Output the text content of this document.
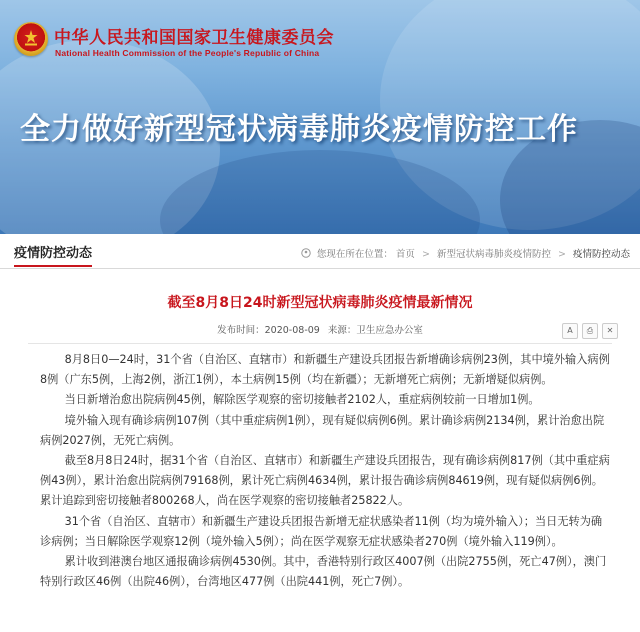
中华人民共和国国家卫生健康委员会
National Health Commission of the People's Republic of China
全力做好新型冠状病毒肺炎疫情防控工作
疫情防控动态	您现在所在位置： 首页 > 新型冠状病毒肺炎疫情防控 > 疫情防控动态
截至8月8日24时新型冠状病毒肺炎疫情最新情况
发布时间：2020-08-09 来源：卫生应急办公室	A ⎙ ✕

8月8日0—24时，31个省（自治区、直辖市）和新疆生产建设兵团报告新增确诊病例23例，其中境外输入病例8例（广东5例，上海2例，浙江1例），本土病例15例（均在新疆）；无新增死亡病例；无新增疑似病例。

当日新增治愈出院病例45例，解除医学观察的密切接触者2102人，重症病例较前一日增加1例。

境外输入现有确诊病例107例（其中重症病例1例），现有疑似病例6例。累计确诊病例2134例，累计治愈出院病例2027例，无死亡病例。

截至8月8日24时，据31个省（自治区、直辖市）和新疆生产建设兵团报告，现有确诊病例817例（其中重症病例43例），累计治愈出院病例79168例，累计死亡病例4634例，累计报告确诊病例84619例，现有疑似病例6例。累计追踪到密切接触者800268人，尚在医学观察的密切接触者25822人。

31个省（自治区、直辖市）和新疆生产建设兵团报告新增无症状感染者11例（均为境外输入）；当日无转为确诊病例；当日解除医学观察12例（境外输入5例）；尚在医学观察无症状感染者270例（境外输入119例）。

累计收到港澳台地区通报确诊病例4530例。其中，香港特别行政区4007例（出院2755例，死亡47例），澳门特别行政区46例（出院46例），台湾地区477例（出院441例，死亡7例）。
